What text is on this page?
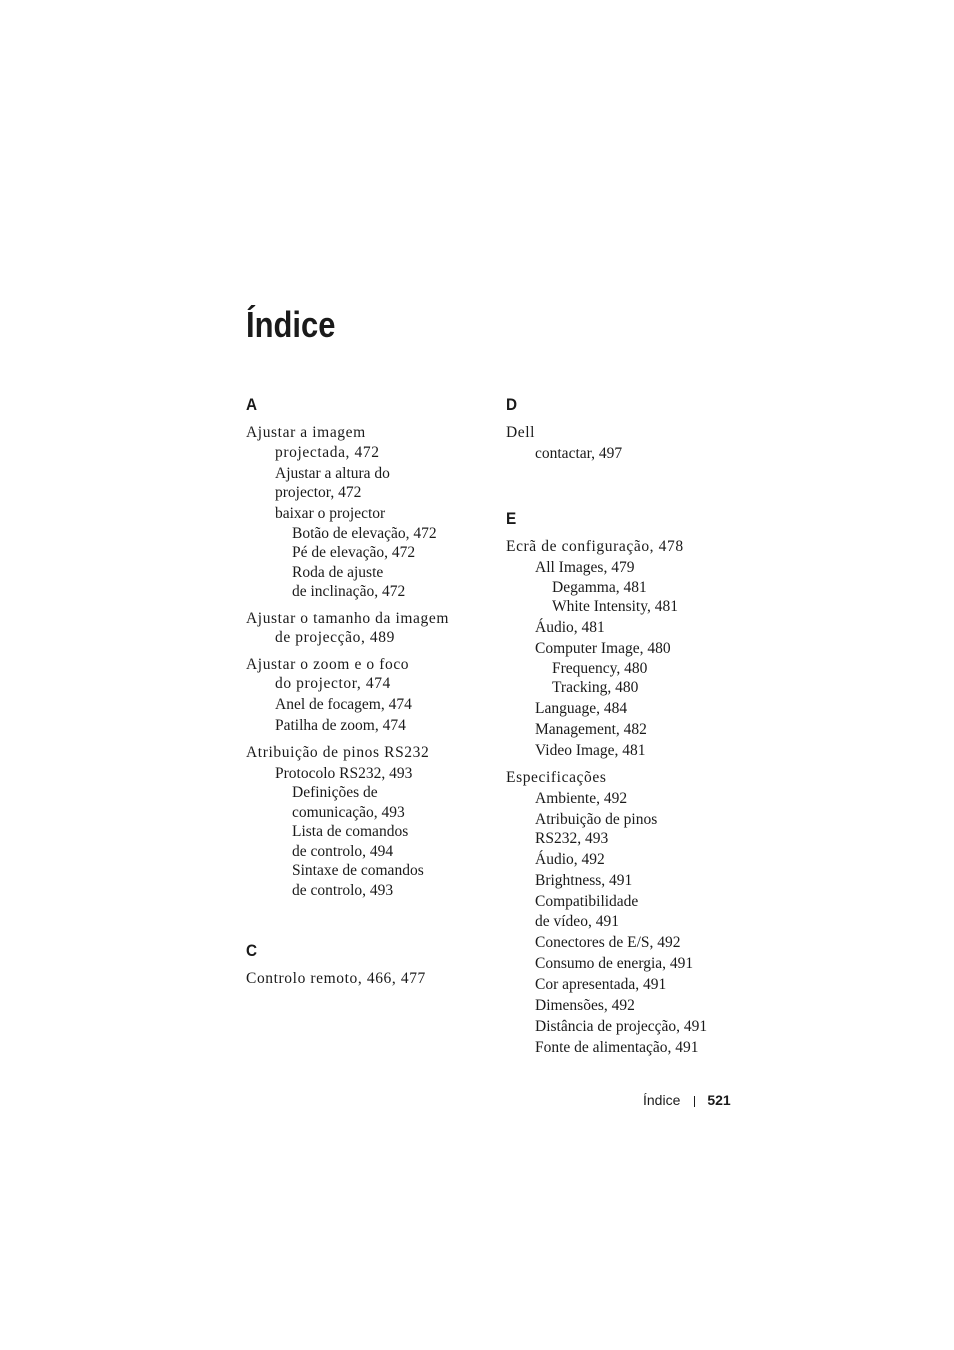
Índice
A
Ajustar a imagem
projectada, 472
Ajustar a altura do
projector, 472
baixar o projector
Botão de elevação, 472
Pé de elevação, 472
Roda de ajuste
de inclinação, 472
Ajustar o tamanho da imagem
de projecção, 489
Ajustar o zoom e o foco
do projector, 474
Anel de focagem, 474
Patilha de zoom, 474
Atribuição de pinos RS232
Protocolo RS232, 493
Definições de
comunicação, 493
Lista de comandos
de controlo, 494
Sintaxe de comandos
de controlo, 493
C
Controlo remoto, 466, 477
D
Dell
contactar, 497
E
Ecrã de configuração, 478
All Images, 479
Degamma, 481
White Intensity, 481
Áudio, 481
Computer Image, 480
Frequency, 480
Tracking, 480
Language, 484
Management, 482
Video Image, 481
Especificações
Ambiente, 492
Atribuição de pinos
RS232, 493
Áudio, 492
Brightness, 491
Compatibilidade
de vídeo, 491
Conectores de E/S, 492
Consumo de energia, 491
Cor apresentada, 491
Dimensões, 492
Distância de projecção, 491
Fonte de alimentação, 491
Índice 521
